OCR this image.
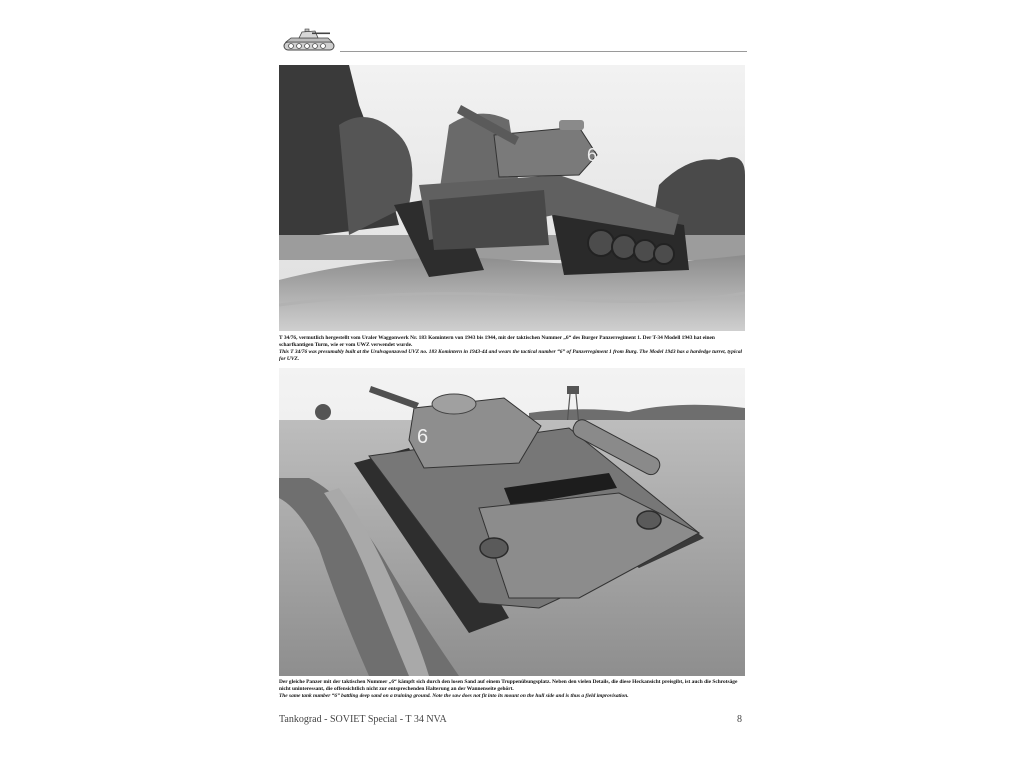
6

T 34/76, vermutlich hergestellt vom Uraler Waggonwerk Nr. 183 Komintern von 1943 bis 1944, mit der taktischen Nummer „6“ des Burger Panzerregiment 1. Der T-34 Modell 1943 hat einen scharfkantigen Turm, wie er vom UWZ verwendet wurde.

This T 34/76 was presumably built at the Uralvagonzavod UVZ no. 183 Komintern in 1943-44 and wears the tactical number “6” of Panzerregiment 1 from Burg. The Model 1943 has a hardedge turret, typical for UVZ.

6

Der gleiche Panzer mit der taktischen Nummer „6“ kämpft sich durch den losen Sand auf einem Truppenübungsplatz. Neben den vielen Details, die diese Heckansicht preisgibt, ist auch die Schrotsäge nicht uninteressant, die offensichtlich nicht zur entsprechenden Halterung an der Wannenseite gehört.

The same tank number “6” battling deep sand on a training ground. Note the saw does not fit into its mount on the hull side and is thus a field improvisation.

Tankograd - SOVIET Special - T 34 NVA	8
